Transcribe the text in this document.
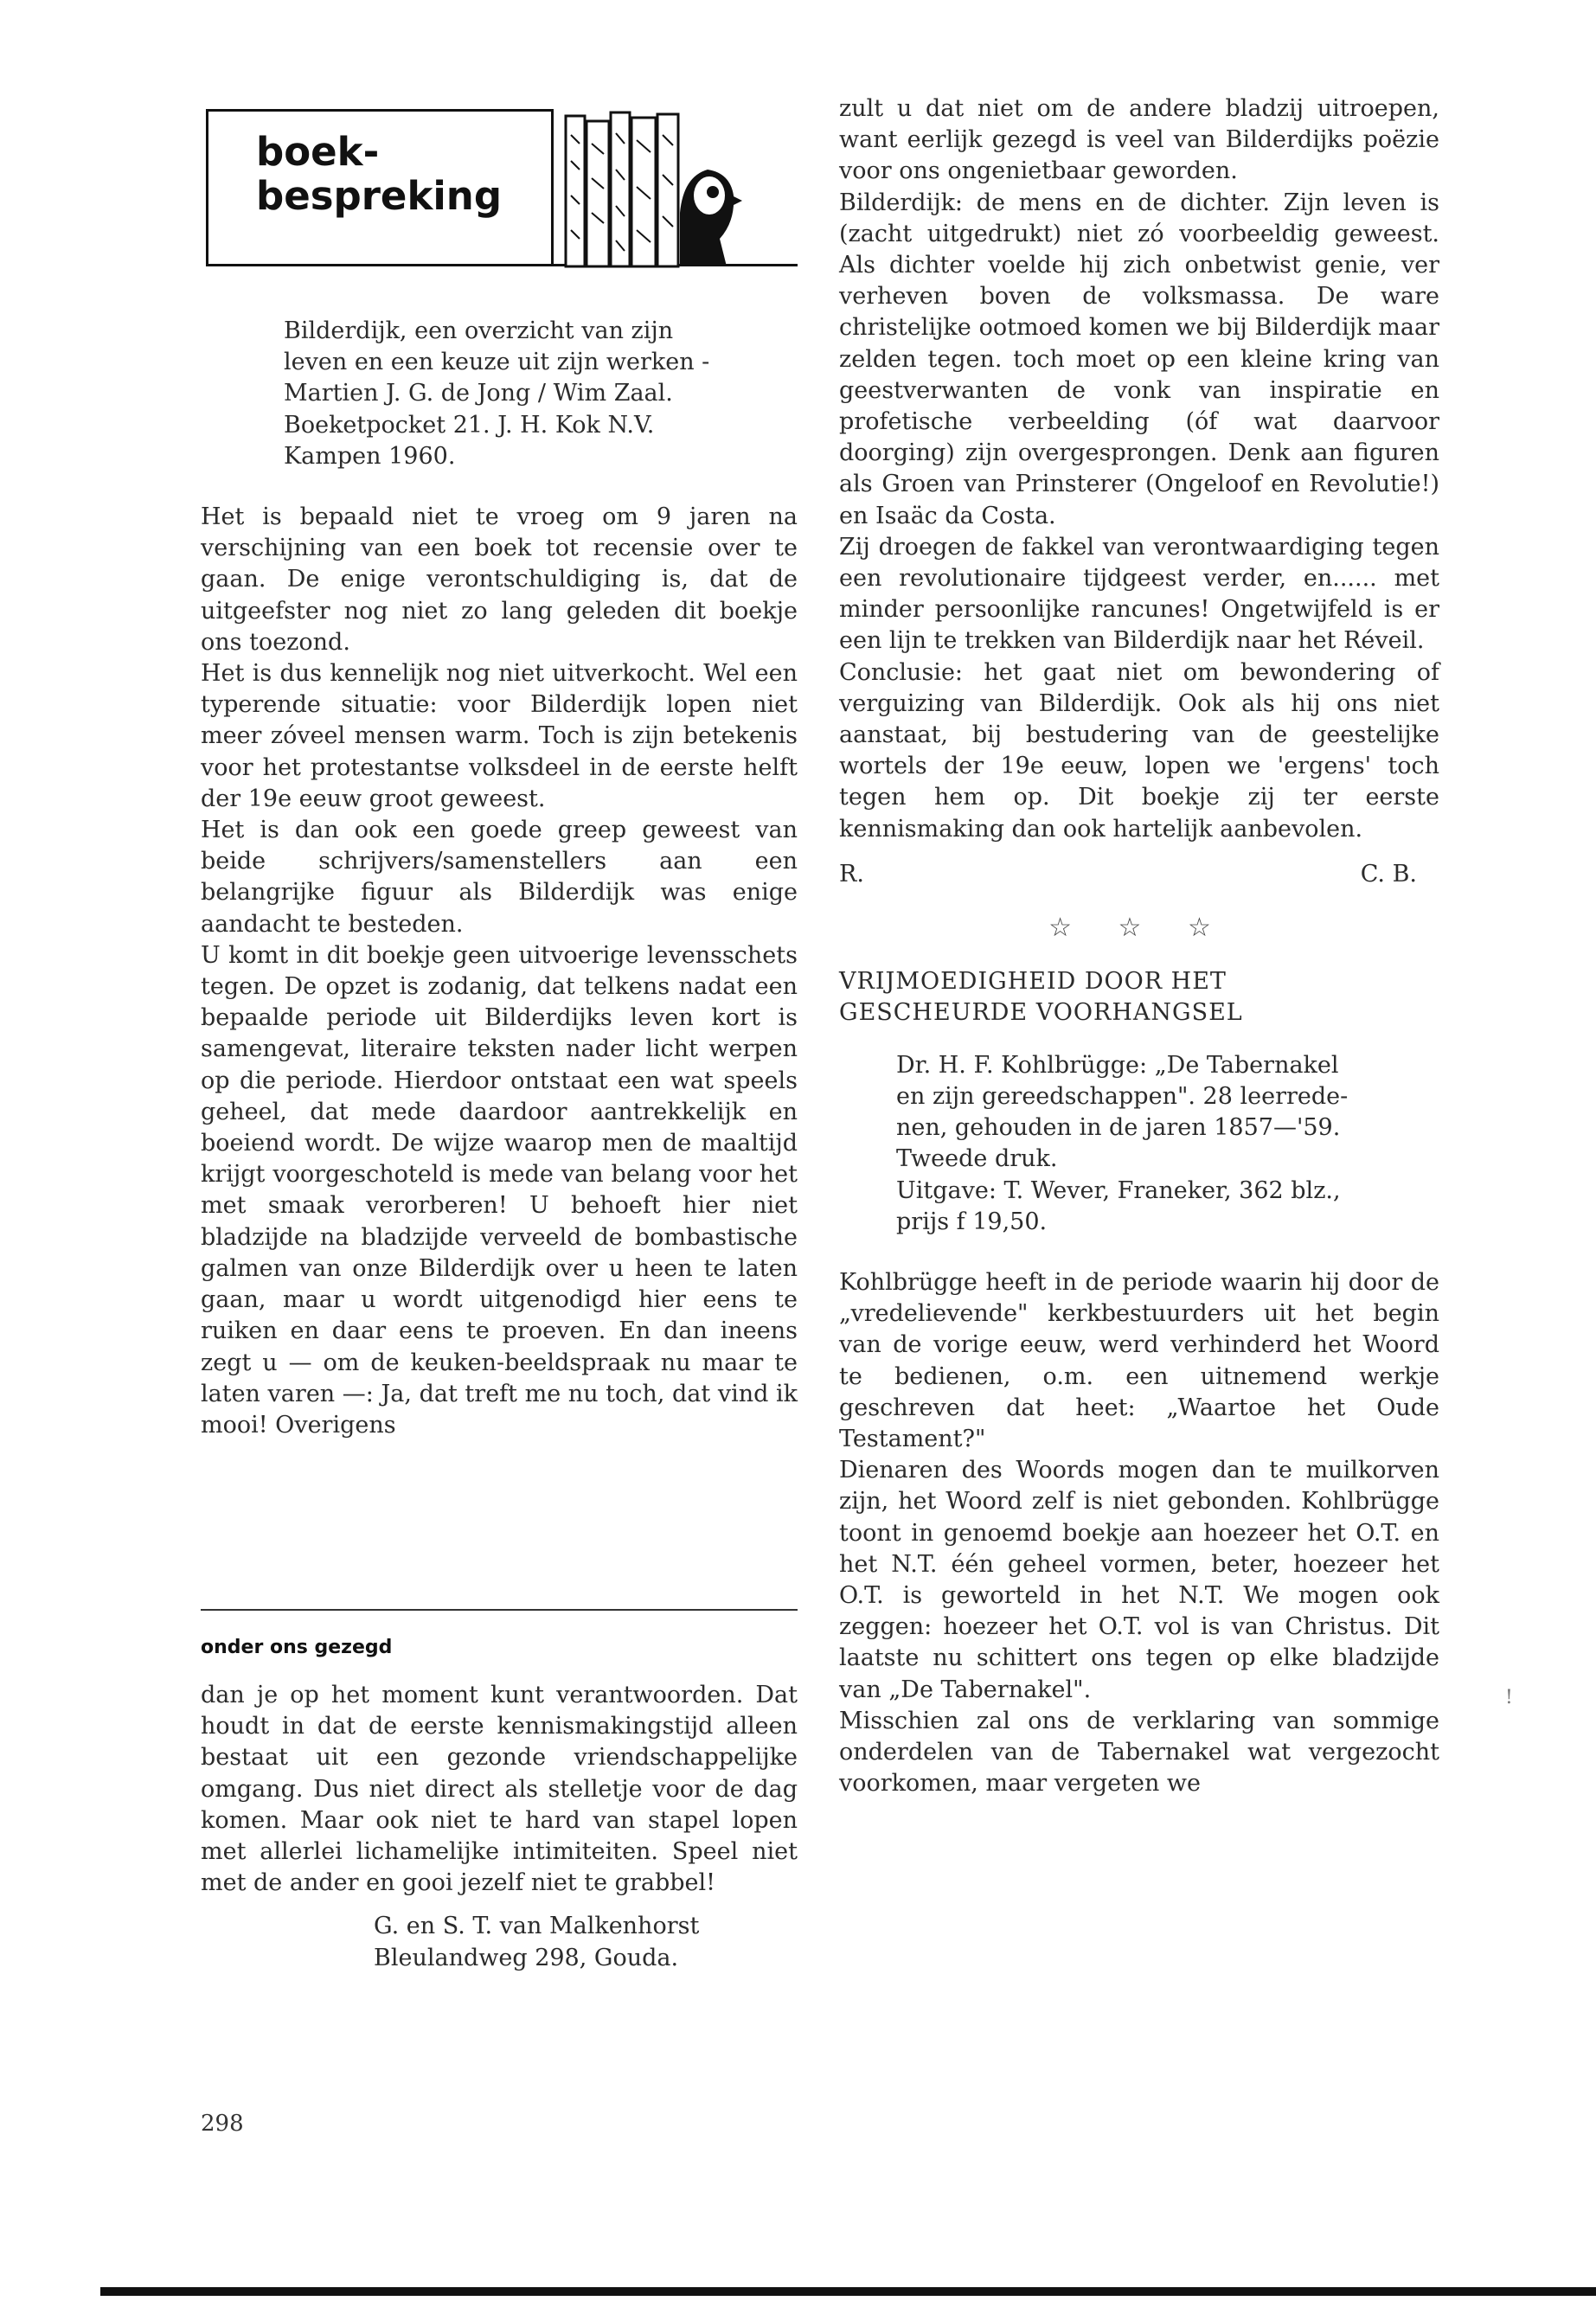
boek-
bespreking
Bilderdijk, een overzicht van zijn
leven en een keuze uit zijn werken -
Martien J. G. de Jong / Wim Zaal.
Boeketpocket 21. J. H. Kok N.V.
Kampen 1960.

Het is bepaald niet te vroeg om 9 jaren na verschijning van een boek tot recensie over te gaan. De enige verontschuldiging is, dat de uitgeefster nog niet zo lang geleden dit boekje ons toezond.

Het is dus kennelijk nog niet uitverkocht. Wel een typerende situatie: voor Bilderdijk lopen niet meer zóveel mensen warm. Toch is zijn betekenis voor het protestantse volksdeel in de eerste helft der 19e eeuw groot geweest.

Het is dan ook een goede greep geweest van beide schrijvers/samenstellers aan een belangrijke figuur als Bilderdijk was enige aandacht te besteden.

U komt in dit boekje geen uitvoerige levensschets tegen. De opzet is zodanig, dat telkens nadat een bepaalde periode uit Bilderdijks leven kort is samengevat, literaire teksten nader licht werpen op die periode. Hierdoor ontstaat een wat speels geheel, dat mede daardoor aantrekkelijk en boeiend wordt. De wijze waarop men de maaltijd krijgt voorgeschoteld is mede van belang voor het met smaak verorberen! U behoeft hier niet bladzijde na bladzijde verveeld de bombastische galmen van onze Bilderdijk over u heen te laten gaan, maar u wordt uitgenodigd hier eens te ruiken en daar eens te proeven. En dan ineens zegt u — om de keuken-beeldspraak nu maar te laten varen —: Ja, dat treft me nu toch, dat vind ik mooi! Overigens

onder ons gezegd

dan je op het moment kunt verantwoorden. Dat houdt in dat de eerste kennismakingstijd alleen bestaat uit een gezonde vriendschappelijke omgang. Dus niet direct als stelletje voor de dag komen. Maar ook niet te hard van stapel lopen met allerlei lichamelijke intimiteiten. Speel niet met de ander en gooi jezelf niet te grabbel!

G. en S. T. van Malkenhorst
Bleulandweg 298, Gouda.

zult u dat niet om de andere bladzij uitroepen, want eerlijk gezegd is veel van Bilderdijks poëzie voor ons ongenietbaar geworden.

Bilderdijk: de mens en de dichter. Zijn leven is (zacht uitgedrukt) niet zó voorbeeldig geweest. Als dichter voelde hij zich onbetwist genie, ver verheven boven de volksmassa. De ware christelijke ootmoed komen we bij Bilderdijk maar zelden tegen. toch moet op een kleine kring van geestverwanten de vonk van inspiratie en profetische verbeelding (óf wat daarvoor doorging) zijn overgesprongen. Denk aan figuren als Groen van Prinsterer (Ongeloof en Revolutie!) en Isaäc da Costa.

Zij droegen de fakkel van verontwaardiging tegen een revolutionaire tijdgeest verder, en...... met minder persoonlijke rancunes! Ongetwijfeld is er een lijn te trekken van Bilderdijk naar het Réveil.

Conclusie: het gaat niet om bewondering of verguizing van Bilderdijk. Ook als hij ons niet aanstaat, bij bestudering van de geestelijke wortels der 19e eeuw, lopen we 'ergens' toch tegen hem op. Dit boekje zij ter eerste kennismaking dan ook hartelijk aanbevolen.

R.	C. B.
☆ ☆ ☆
VRIJMOEDIGHEID DOOR HET
GESCHEURDE VOORHANGSEL
Dr. H. F. Kohlbrügge: „De Tabernakel
en zijn gereedschappen". 28 leerrede-
nen, gehouden in de jaren 1857—'59.
Tweede druk.
Uitgave: T. Wever, Franeker, 362 blz.,
prijs f 19,50.

Kohlbrügge heeft in de periode waarin hij door de „vredelievende" kerkbestuurders uit het begin van de vorige eeuw, werd verhinderd het Woord te bedienen, o.m. een uitnemend werkje geschreven dat heet: „Waartoe het Oude Testament?"

Dienaren des Woords mogen dan te muilkorven zijn, het Woord zelf is niet gebonden. Kohlbrügge toont in genoemd boekje aan hoezeer het O.T. en het N.T. één geheel vormen, beter, hoezeer het O.T. is geworteld in het N.T. We mogen ook zeggen: hoezeer het O.T. vol is van Christus. Dit laatste nu schittert ons tegen op elke bladzijde van „De Tabernakel".

Misschien zal ons de verklaring van sommige onderdelen van de Tabernakel wat vergezocht voorkomen, maar vergeten we

!
298
